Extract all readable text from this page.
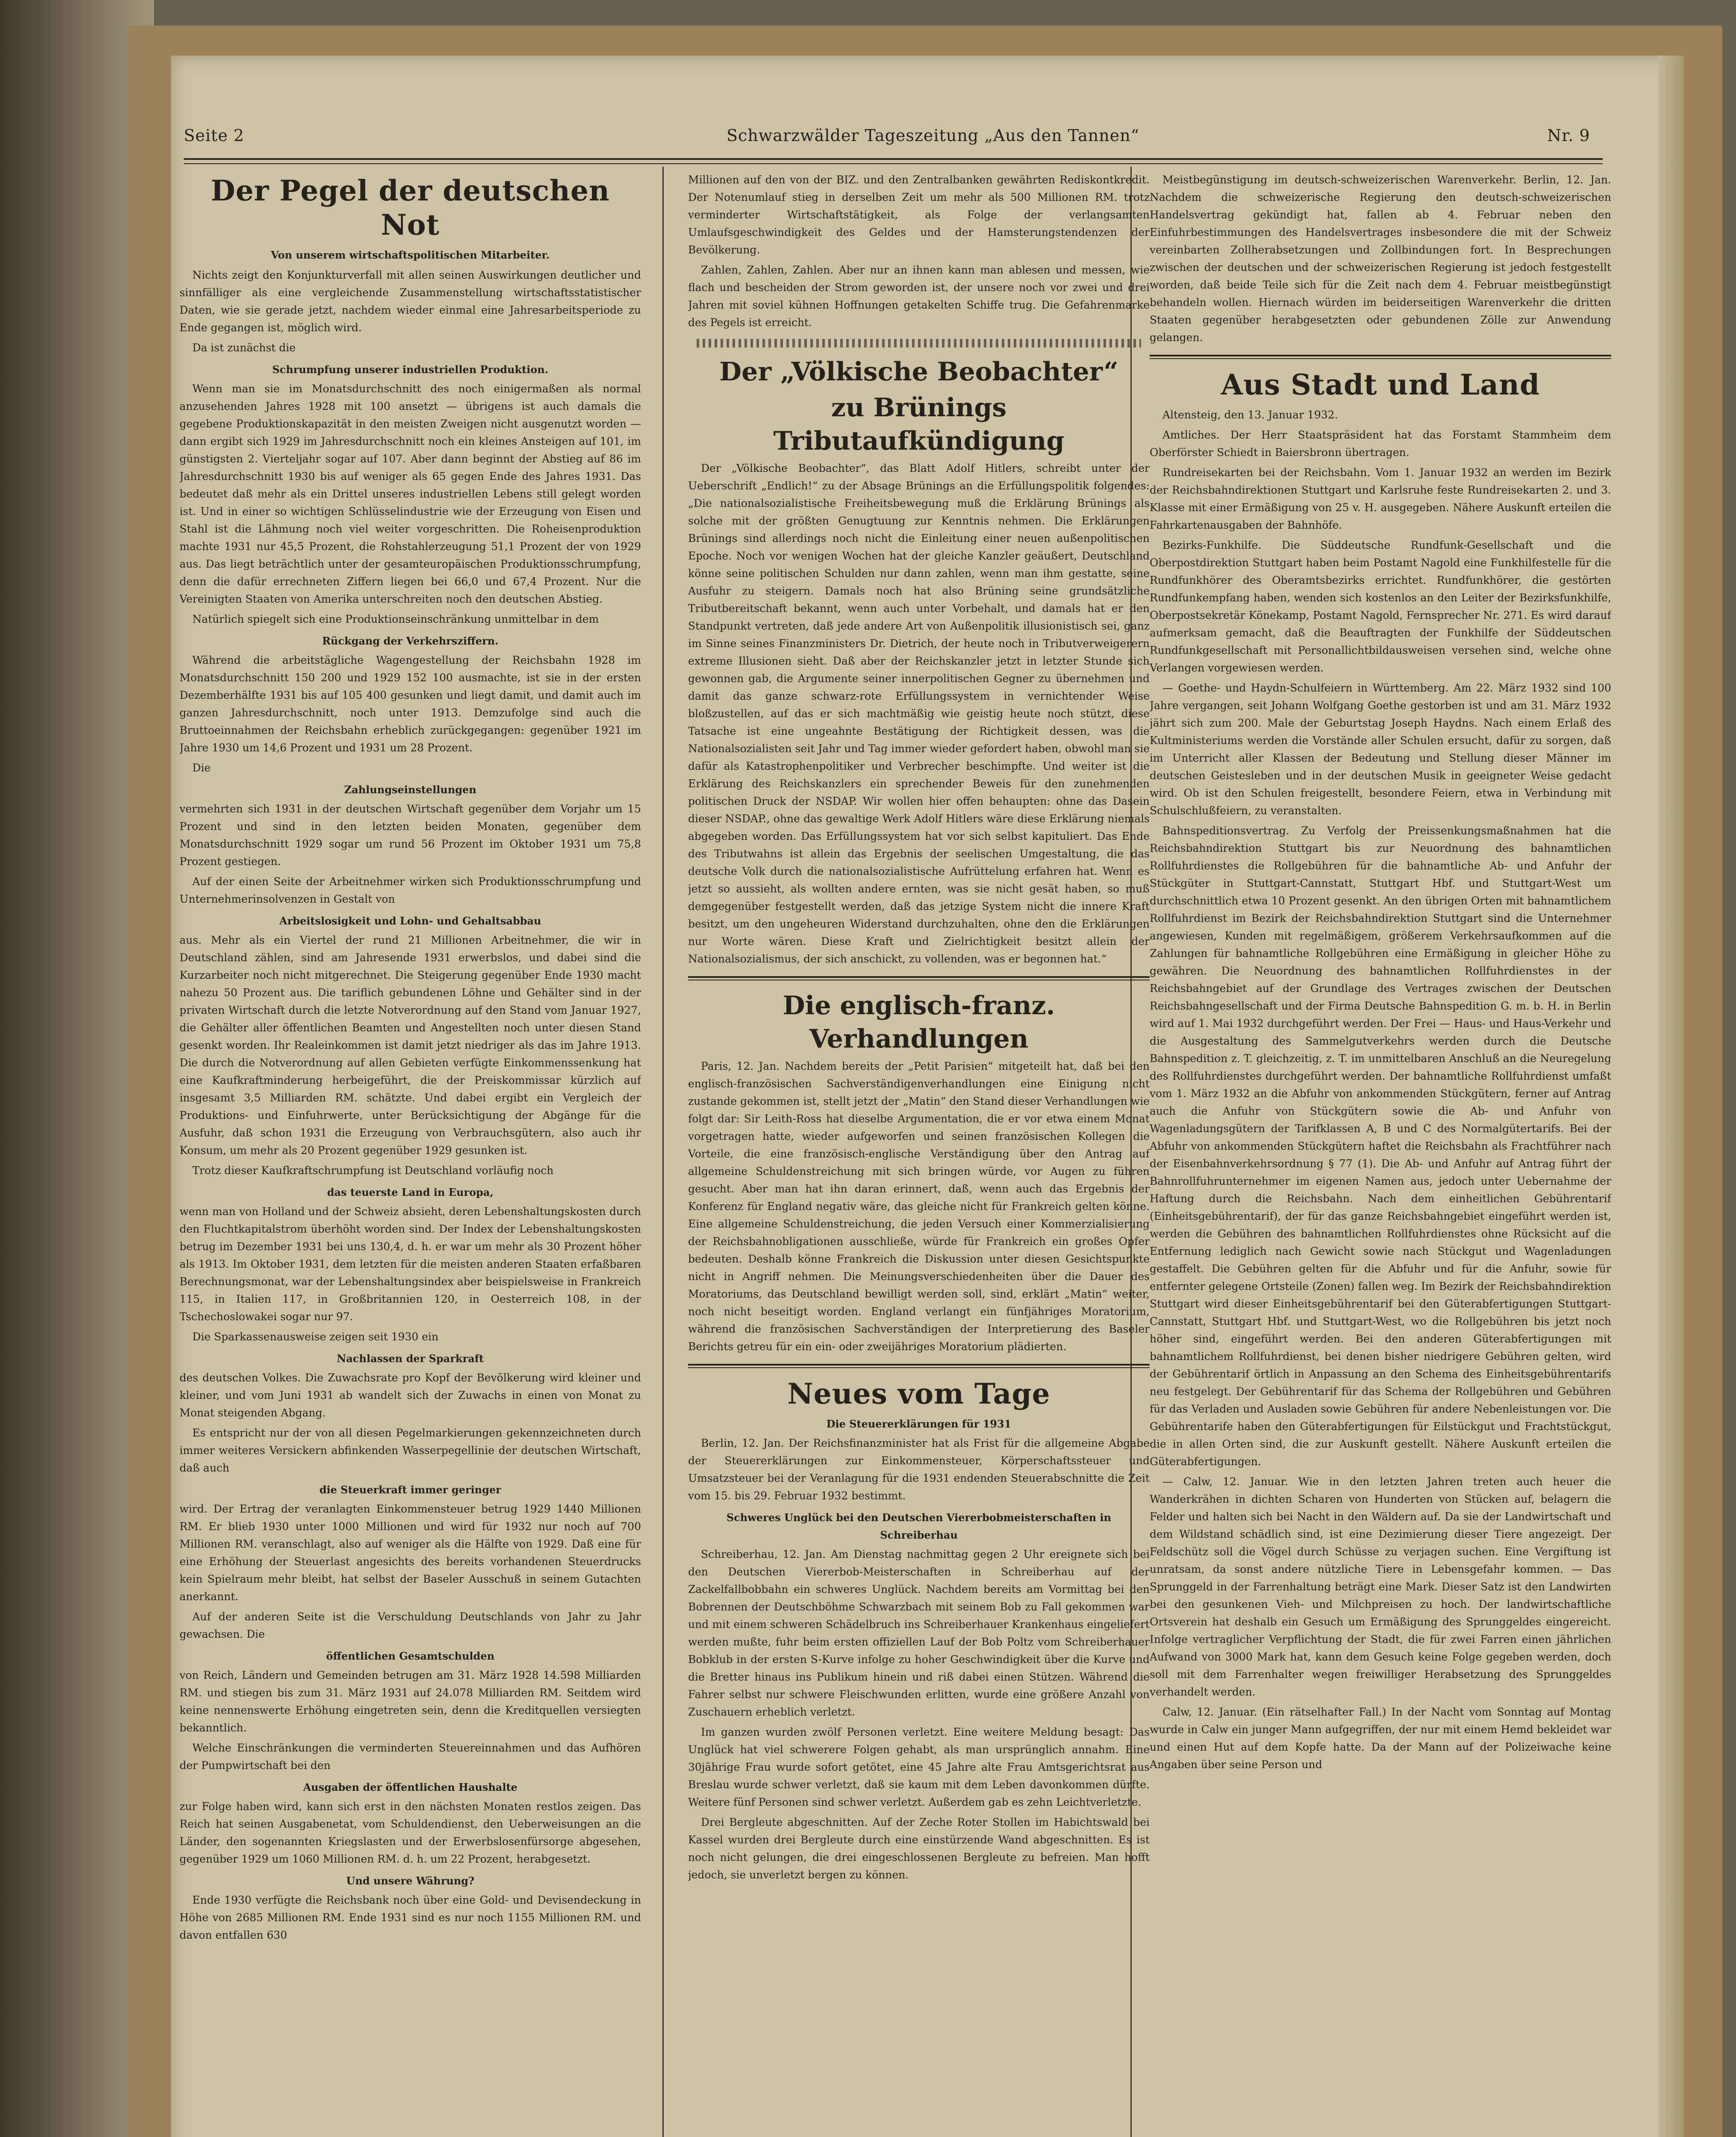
Seite 2	Schwarzwälder Tageszeitung „Aus den Tannen“	Nr. 9
Der Pegel der deutschen Not

Von unserem wirtschaftspolitischen Mitarbeiter.

Nichts zeigt den Konjunkturverfall mit allen seinen Auswirkungen deutlicher und sinnfälliger als eine vergleichende Zusammenstellung wirtschaftsstatistischer Daten, wie sie gerade jetzt, nachdem wieder einmal eine Jahresarbeitsperiode zu Ende gegangen ist, möglich wird.

Da ist zunächst die

Schrumpfung unserer industriellen Produktion.

Wenn man sie im Monatsdurchschnitt des noch einigermaßen als normal anzusehenden Jahres 1928 mit 100 ansetzt — übrigens ist auch damals die gegebene Produktionskapazität in den meisten Zweigen nicht ausgenutzt worden — dann ergibt sich 1929 im Jahresdurchschnitt noch ein kleines Ansteigen auf 101, im günstigsten 2. Vierteljahr sogar auf 107. Aber dann beginnt der Abstieg auf 86 im Jahresdurchschnitt 1930 bis auf weniger als 65 gegen Ende des Jahres 1931. Das bedeutet daß mehr als ein Drittel unseres industriellen Lebens still gelegt worden ist. Und in einer so wichtigen Schlüsselindustrie wie der Erzeugung von Eisen und Stahl ist die Lähmung noch viel weiter vorgeschritten. Die Roheisenproduktion machte 1931 nur 45,5 Prozent, die Rohstahlerzeugung 51,1 Prozent der von 1929 aus. Das liegt beträchtlich unter der gesamteuropäischen Produktionsschrumpfung, denn die dafür errechneten Ziffern liegen bei 66,0 und 67,4 Prozent. Nur die Vereinigten Staaten von Amerika unterschreiten noch den deutschen Abstieg.

Natürlich spiegelt sich eine Produktionseinschränkung unmittelbar in dem

Rückgang der Verkehrsziffern.

Während die arbeitstägliche Wagengestellung der Reichsbahn 1928 im Monatsdurchschnitt 150 200 und 1929 152 100 ausmachte, ist sie in der ersten Dezemberhälfte 1931 bis auf 105 400 gesunken und liegt damit, und damit auch im ganzen Jahresdurchschnitt, noch unter 1913. Demzufolge sind auch die Bruttoeinnahmen der Reichsbahn erheblich zurückgegangen: gegenüber 1921 im Jahre 1930 um 14,6 Prozent und 1931 um 28 Prozent.

Die

Zahlungseinstellungen

vermehrten sich 1931 in der deutschen Wirtschaft gegenüber dem Vorjahr um 15 Prozent und sind in den letzten beiden Monaten, gegenüber dem Monatsdurchschnitt 1929 sogar um rund 56 Prozent im Oktober 1931 um 75,8 Prozent gestiegen.

Auf der einen Seite der Arbeitnehmer wirken sich Produktionsschrumpfung und Unternehmerinsolvenzen in Gestalt von

Arbeitslosigkeit und Lohn- und Gehaltsabbau

aus. Mehr als ein Viertel der rund 21 Millionen Arbeitnehmer, die wir in Deutschland zählen, sind am Jahresende 1931 erwerbslos, und dabei sind die Kurzarbeiter noch nicht mitgerechnet. Die Steigerung gegenüber Ende 1930 macht nahezu 50 Prozent aus. Die tariflich gebundenen Löhne und Gehälter sind in der privaten Wirtschaft durch die letzte Notverordnung auf den Stand vom Januar 1927, die Gehälter aller öffentlichen Beamten und Angestellten noch unter diesen Stand gesenkt worden. Ihr Realeinkommen ist damit jetzt niedriger als das im Jahre 1913. Die durch die Notverordnung auf allen Gebieten verfügte Einkommenssenkung hat eine Kaufkraftminderung herbeigeführt, die der Preiskommissar kürzlich auf insgesamt 3,5 Milliarden RM. schätzte. Und dabei ergibt ein Vergleich der Produktions- und Einfuhrwerte, unter Berücksichtigung der Abgänge für die Ausfuhr, daß schon 1931 die Erzeugung von Verbrauchsgütern, also auch ihr Konsum, um mehr als 20 Prozent gegenüber 1929 gesunken ist.

Trotz dieser Kaufkraftschrumpfung ist Deutschland vorläufig noch

das teuerste Land in Europa,

wenn man von Holland und der Schweiz absieht, deren Lebenshaltungskosten durch den Fluchtkapitalstrom überhöht worden sind. Der Index der Lebenshaltungskosten betrug im Dezember 1931 bei uns 130,4, d. h. er war um mehr als 30 Prozent höher als 1913. Im Oktober 1931, dem letzten für die meisten anderen Staaten erfaßbaren Berechnungsmonat, war der Lebenshaltungsindex aber beispielsweise in Frankreich 115, in Italien 117, in Großbritannien 120, in Oesterreich 108, in der Tschechoslowakei sogar nur 97.

Die Sparkassenausweise zeigen seit 1930 ein

Nachlassen der Sparkraft

des deutschen Volkes. Die Zuwachsrate pro Kopf der Bevölkerung wird kleiner und kleiner, und vom Juni 1931 ab wandelt sich der Zuwachs in einen von Monat zu Monat steigenden Abgang.

Es entspricht nur der von all diesen Pegelmarkierungen gekennzeichneten durch immer weiteres Versickern abfinkenden Wasserpegellinie der deutschen Wirtschaft, daß auch

die Steuerkraft immer geringer

wird. Der Ertrag der veranlagten Einkommensteuer betrug 1929 1440 Millionen RM. Er blieb 1930 unter 1000 Millionen und wird für 1932 nur noch auf 700 Millionen RM. veranschlagt, also auf weniger als die Hälfte von 1929. Daß eine für eine Erhöhung der Steuerlast angesichts des bereits vorhandenen Steuerdrucks kein Spielraum mehr bleibt, hat selbst der Baseler Ausschuß in seinem Gutachten anerkannt.

Auf der anderen Seite ist die Verschuldung Deutschlands von Jahr zu Jahr gewachsen. Die

öffentlichen Gesamtschulden

von Reich, Ländern und Gemeinden betrugen am 31. März 1928 14.598 Milliarden RM. und stiegen bis zum 31. März 1931 auf 24.078 Milliarden RM. Seitdem wird keine nennenswerte Erhöhung eingetreten sein, denn die Kreditquellen versiegten bekanntlich.

Welche Einschränkungen die verminderten Steuereinnahmen und das Aufhören der Pumpwirtschaft bei den

Ausgaben der öffentlichen Haushalte

zur Folge haben wird, kann sich erst in den nächsten Monaten restlos zeigen. Das Reich hat seinen Ausgabenetat, vom Schuldendienst, den Ueberweisungen an die Länder, den sogenannten Kriegslasten und der Erwerbslosenfürsorge abgesehen, gegenüber 1929 um 1060 Millionen RM. d. h. um 22 Prozent, herabgesetzt.

Und unsere Währung?

Ende 1930 verfügte die Reichsbank noch über eine Gold- und Devisendeckung in Höhe von 2685 Millionen RM. Ende 1931 sind es nur noch 1155 Millionen RM. und davon entfallen 630

Millionen auf den von der BIZ. und den Zentralbanken gewährten Rediskontkredit. Der Notenumlauf stieg in derselben Zeit um mehr als 500 Millionen RM. trotz verminderter Wirtschaftstätigkeit, als Folge der verlangsamten Umlaufsgeschwindigkeit des Geldes und der Hamsterungstendenzen der Bevölkerung.

Zahlen, Zahlen, Zahlen. Aber nur an ihnen kann man ablesen und messen, wie flach und bescheiden der Strom geworden ist, der unsere noch vor zwei und drei Jahren mit soviel kühnen Hoffnungen getakelten Schiffe trug. Die Gefahrenmarke des Pegels ist erreicht.

Der „Völkische Beobachter“
zu Brünings Tributaufkündigung

Der „Völkische Beobachter“, das Blatt Adolf Hitlers, schreibt unter der Ueberschrift „Endlich!“ zu der Absage Brünings an die Erfüllungspolitik folgendes: „Die nationalsozialistische Freiheitsbewegung muß die Erklärung Brünings als solche mit der größten Genugtuung zur Kenntnis nehmen. Die Erklärungen Brünings sind allerdings noch nicht die Einleitung einer neuen außenpolitischen Epoche. Noch vor wenigen Wochen hat der gleiche Kanzler geäußert, Deutschland könne seine politischen Schulden nur dann zahlen, wenn man ihm gestatte, seine Ausfuhr zu steigern. Damals noch hat also Brüning seine grundsätzliche Tributbereitschaft bekannt, wenn auch unter Vorbehalt, und damals hat er den Standpunkt vertreten, daß jede andere Art von Außenpolitik illusionistisch sei, ganz im Sinne seines Finanzministers Dr. Dietrich, der heute noch in Tributverweigerern extreme Illusionen sieht. Daß aber der Reichskanzler jetzt in letzter Stunde sich gewonnen gab, die Argumente seiner innerpolitischen Gegner zu übernehmen und damit das ganze schwarz-rote Erfüllungssystem in vernichtender Weise bloßzustellen, auf das er sich machtmäßig wie geistig heute noch stützt, diese Tatsache ist eine ungeahnte Bestätigung der Richtigkeit dessen, was die Nationalsozialisten seit Jahr und Tag immer wieder gefordert haben, obwohl man sie dafür als Katastrophenpolitiker und Verbrecher beschimpfte. Und weiter ist die Erklärung des Reichskanzlers ein sprechender Beweis für den zunehmenden politischen Druck der NSDAP. Wir wollen hier offen behaupten: ohne das Dasein dieser NSDAP., ohne das gewaltige Werk Adolf Hitlers wäre diese Erklärung niemals abgegeben worden. Das Erfüllungssystem hat vor sich selbst kapituliert. Das Ende des Tributwahns ist allein das Ergebnis der seelischen Umgestaltung, die das deutsche Volk durch die nationalsozialistische Aufrüttelung erfahren hat. Wenn es jetzt so aussieht, als wollten andere ernten, was sie nicht gesät haben, so muß demgegenüber festgestellt werden, daß das jetzige System nicht die innere Kraft besitzt, um den ungeheuren Widerstand durchzuhalten, ohne den die Erklärungen nur Worte wären. Diese Kraft und Zielrichtigkeit besitzt allein der Nationalsozialismus, der sich anschickt, zu vollenden, was er begonnen hat.“

Die englisch-franz. Verhandlungen

Paris, 12. Jan. Nachdem bereits der „Petit Parisien“ mitgeteilt hat, daß bei den englisch-französischen Sachverständigenverhandlungen eine Einigung nicht zustande gekommen ist, stellt jetzt der „Matin“ den Stand dieser Verhandlungen wie folgt dar: Sir Leith-Ross hat dieselbe Argumentation, die er vor etwa einem Monat vorgetragen hatte, wieder aufgeworfen und seinen französischen Kollegen die Vorteile, die eine französisch-englische Verständigung über den Antrag auf allgemeine Schuldenstreichung mit sich bringen würde, vor Augen zu führen gesucht. Aber man hat ihn daran erinnert, daß, wenn auch das Ergebnis der Konferenz für England negativ wäre, das gleiche nicht für Frankreich gelten könne. Eine allgemeine Schuldenstreichung, die jeden Versuch einer Kommerzialisierung der Reichsbahnobligationen ausschließe, würde für Frankreich ein großes Opfer bedeuten. Deshalb könne Frankreich die Diskussion unter diesen Gesichtspunkte nicht in Angriff nehmen. Die Meinungsverschiedenheiten über die Dauer des Moratoriums, das Deutschland bewilligt werden soll, sind, erklärt „Matin“ weiter, noch nicht beseitigt worden. England verlangt ein fünfjähriges Moratorium, während die französischen Sachverständigen der Interpretierung des Baseler Berichts getreu für ein ein- oder zweijähriges Moratorium plädierten.

Neues vom Tage

Die Steuererklärungen für 1931

Berlin, 12. Jan. Der Reichsfinanzminister hat als Frist für die allgemeine Abgabe der Steuererklärungen zur Einkommensteuer, Körperschaftssteuer und Umsatzsteuer bei der Veranlagung für die 1931 endenden Steuerabschnitte die Zeit vom 15. bis 29. Februar 1932 bestimmt.

Schweres Unglück bei den Deutschen Viererbobmeisterschaften in Schreiberhau

Schreiberhau, 12. Jan. Am Dienstag nachmittag gegen 2 Uhr ereignete sich bei den Deutschen Viererbob-Meisterschaften in Schreiberhau auf der Zackelfallbobbahn ein schweres Unglück. Nachdem bereits am Vormittag bei den Bobrennen der Deutschböhme Schwarzbach mit seinem Bob zu Fall gekommen war und mit einem schweren Schädelbruch ins Schreiberhauer Krankenhaus eingeliefert werden mußte, fuhr beim ersten offiziellen Lauf der Bob Poltz vom Schreiberhauer Bobklub in der ersten S-Kurve infolge zu hoher Geschwindigkeit über die Kurve und die Bretter hinaus ins Publikum hinein und riß dabei einen Stützen. Während die Fahrer selbst nur schwere Fleischwunden erlitten, wurde eine größere Anzahl von Zuschauern erheblich verletzt.

Im ganzen wurden zwölf Personen verletzt. Eine weitere Meldung besagt: Das Unglück hat viel schwerere Folgen gehabt, als man ursprünglich annahm. Eine 30jährige Frau wurde sofort getötet, eine 45 Jahre alte Frau Amtsgerichtsrat aus Breslau wurde schwer verletzt, daß sie kaum mit dem Leben davonkommen dürfte. Weitere fünf Personen sind schwer verletzt. Außerdem gab es zehn Leichtverletzte.

Drei Bergleute abgeschnitten. Auf der Zeche Roter Stollen im Habichtswald bei Kassel wurden drei Bergleute durch eine einstürzende Wand abgeschnitten. Es ist noch nicht gelungen, die drei eingeschlossenen Bergleute zu befreien. Man hofft jedoch, sie unverletzt bergen zu können.

Meistbegünstigung im deutsch-schweizerischen Warenverkehr. Berlin, 12. Jan. Nachdem die schweizerische Regierung den deutsch-schweizerischen Handelsvertrag gekündigt hat, fallen ab 4. Februar neben den Einfuhrbestimmungen des Handelsvertrages insbesondere die mit der Schweiz vereinbarten Zollherabsetzungen und Zollbindungen fort. In Besprechungen zwischen der deutschen und der schweizerischen Regierung ist jedoch festgestellt worden, daß beide Teile sich für die Zeit nach dem 4. Februar meistbegünstigt behandeln wollen. Hiernach würden im beiderseitigen Warenverkehr die dritten Staaten gegenüber herabgesetzten oder gebundenen Zölle zur Anwendung gelangen.

Aus Stadt und Land

Altensteig, den 13. Januar 1932.

Amtliches. Der Herr Staatspräsident hat das Forstamt Stammheim dem Oberförster Schiedt in Baiersbronn übertragen.

Rundreisekarten bei der Reichsbahn. Vom 1. Januar 1932 an werden im Bezirk der Reichsbahndirektionen Stuttgart und Karlsruhe feste Rundreisekarten 2. und 3. Klasse mit einer Ermäßigung von 25 v. H. ausgegeben. Nähere Auskunft erteilen die Fahrkartenausgaben der Bahnhöfe.

Bezirks-Funkhilfe. Die Süddeutsche Rundfunk-Gesellschaft und die Oberpostdirektion Stuttgart haben beim Postamt Nagold eine Funkhilfestelle für die Rundfunkhörer des Oberamtsbezirks errichtet. Rundfunkhörer, die gestörten Rundfunkempfang haben, wenden sich kostenlos an den Leiter der Bezirksfunkhilfe, Oberpostsekretär Könekamp, Postamt Nagold, Fernsprecher Nr. 271. Es wird darauf aufmerksam gemacht, daß die Beauftragten der Funkhilfe der Süddeutschen Rundfunkgesellschaft mit Personallichtbildausweisen versehen sind, welche ohne Verlangen vorgewiesen werden.

— Goethe- und Haydn-Schulfeiern in Württemberg. Am 22. März 1932 sind 100 Jahre vergangen, seit Johann Wolfgang Goethe gestorben ist und am 31. März 1932 jährt sich zum 200. Male der Geburtstag Joseph Haydns. Nach einem Erlaß des Kultministeriums werden die Vorstände aller Schulen ersucht, dafür zu sorgen, daß im Unterricht aller Klassen der Bedeutung und Stellung dieser Männer im deutschen Geistesleben und in der deutschen Musik in geeigneter Weise gedacht wird. Ob ist den Schulen freigestellt, besondere Feiern, etwa in Verbindung mit Schulschlußfeiern, zu veranstalten.

Bahnspeditionsvertrag. Zu Verfolg der Preissenkungsmaßnahmen hat die Reichsbahndirektion Stuttgart bis zur Neuordnung des bahnamtlichen Rollfuhrdienstes die Rollgebühren für die bahnamtliche Ab- und Anfuhr der Stückgüter in Stuttgart-Cannstatt, Stuttgart Hbf. und Stuttgart-West um durchschnittlich etwa 10 Prozent gesenkt. An den übrigen Orten mit bahnamtlichem Rollfuhrdienst im Bezirk der Reichsbahndirektion Stuttgart sind die Unternehmer angewiesen, Kunden mit regelmäßigem, größerem Verkehrsaufkommen auf die Zahlungen für bahnamtliche Rollgebühren eine Ermäßigung in gleicher Höhe zu gewähren. Die Neuordnung des bahnamtlichen Rollfuhrdienstes in der Reichsbahngebiet auf der Grundlage des Vertrages zwischen der Deutschen Reichsbahngesellschaft und der Firma Deutsche Bahnspedition G. m. b. H. in Berlin wird auf 1. Mai 1932 durchgeführt werden. Der Frei — Haus- und Haus-Verkehr und die Ausgestaltung des Sammelgutverkehrs werden durch die Deutsche Bahnspedition z. T. gleichzeitig, z. T. im unmittelbaren Anschluß an die Neuregelung des Rollfuhrdienstes durchgeführt werden. Der bahnamtliche Rollfuhrdienst umfaßt vom 1. März 1932 an die Abfuhr von ankommenden Stückgütern, ferner auf Antrag auch die Anfuhr von Stückgütern sowie die Ab- und Anfuhr von Wagenladungsgütern der Tarifklassen A, B und C des Normalgütertarifs. Bei der Abfuhr von ankommenden Stückgütern haftet die Reichsbahn als Frachtführer nach der Eisenbahnverkehrsordnung § 77 (1). Die Ab- und Anfuhr auf Antrag führt der Bahnrollfuhrunternehmer im eigenen Namen aus, jedoch unter Uebernahme der Haftung durch die Reichsbahn. Nach dem einheitlichen Gebührentarif (Einheitsgebührentarif), der für das ganze Reichsbahngebiet eingeführt werden ist, werden die Gebühren des bahnamtlichen Rollfuhrdienstes ohne Rücksicht auf die Entfernung lediglich nach Gewicht sowie nach Stückgut und Wagenladungen gestaffelt. Die Gebühren gelten für die Abfuhr und für die Anfuhr, sowie für entfernter gelegene Ortsteile (Zonen) fallen weg. Im Bezirk der Reichsbahndirektion Stuttgart wird dieser Einheitsgebührentarif bei den Güterabfertigungen Stuttgart-Cannstatt, Stuttgart Hbf. und Stuttgart-West, wo die Rollgebühren bis jetzt noch höher sind, eingeführt werden. Bei den anderen Güterabfertigungen mit bahnamtlichem Rollfuhrdienst, bei denen bisher niedrigere Gebühren gelten, wird der Gebührentarif örtlich in Anpassung an den Schema des Einheitsgebührentarifs neu festgelegt. Der Gebührentarif für das Schema der Rollgebühren und Gebühren für das Verladen und Ausladen sowie Gebühren für andere Nebenleistungen vor. Die Gebührentarife haben den Güterabfertigungen für Eilstückgut und Frachtstückgut, die in allen Orten sind, die zur Auskunft gestellt. Nähere Auskunft erteilen die Güterabfertigungen.

— Calw, 12. Januar. Wie in den letzten Jahren treten auch heuer die Wanderkrähen in dichten Scharen von Hunderten von Stücken auf, belagern die Felder und halten sich bei Nacht in den Wäldern auf. Da sie der Landwirtschaft und dem Wildstand schädlich sind, ist eine Dezimierung dieser Tiere angezeigt. Der Feldschütz soll die Vögel durch Schüsse zu verjagen suchen. Eine Vergiftung ist unratsam, da sonst andere nützliche Tiere in Lebensgefahr kommen. — Das Sprunggeld in der Farrenhaltung beträgt eine Mark. Dieser Satz ist den Landwirten bei den gesunkenen Vieh- und Milchpreisen zu hoch. Der landwirtschaftliche Ortsverein hat deshalb ein Gesuch um Ermäßigung des Sprunggeldes eingereicht. Infolge vertraglicher Verpflichtung der Stadt, die für zwei Farren einen jährlichen Aufwand von 3000 Mark hat, kann dem Gesuch keine Folge gegeben werden, doch soll mit dem Farrenhalter wegen freiwilliger Herabsetzung des Sprunggeldes verhandelt werden.

Calw, 12. Januar. (Ein rätselhafter Fall.) In der Nacht vom Sonntag auf Montag wurde in Calw ein junger Mann aufgegriffen, der nur mit einem Hemd bekleidet war und einen Hut auf dem Kopfe hatte. Da der Mann auf der Polizeiwache keine Angaben über seine Person und
